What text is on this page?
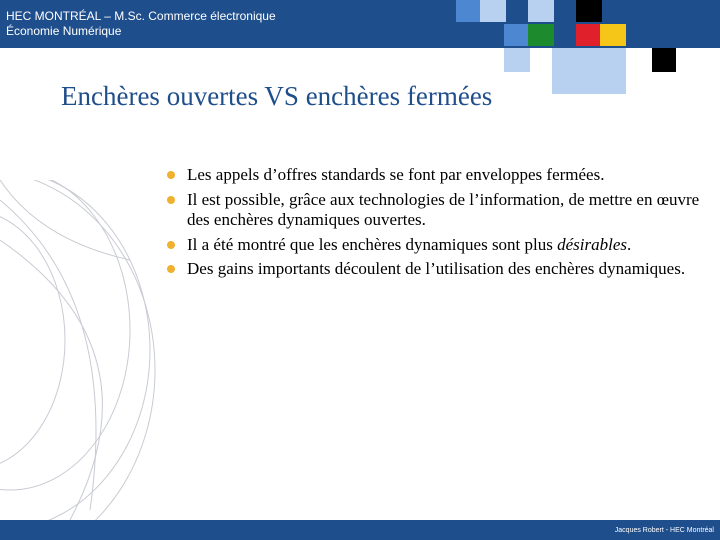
HEC MONTRÉAL – M.Sc. Commerce électronique
Économie Numérique
Enchères ouvertes VS enchères fermées
Les appels d’offres standards se font par enveloppes fermées.
Il est possible, grâce aux technologies de l’information, de mettre en œuvre des enchères dynamiques ouvertes.
Il a été montré que les enchères dynamiques sont plus désirables.
Des gains importants découlent de l’utilisation des enchères dynamiques.
Jacques Robert - HEC Montréal
